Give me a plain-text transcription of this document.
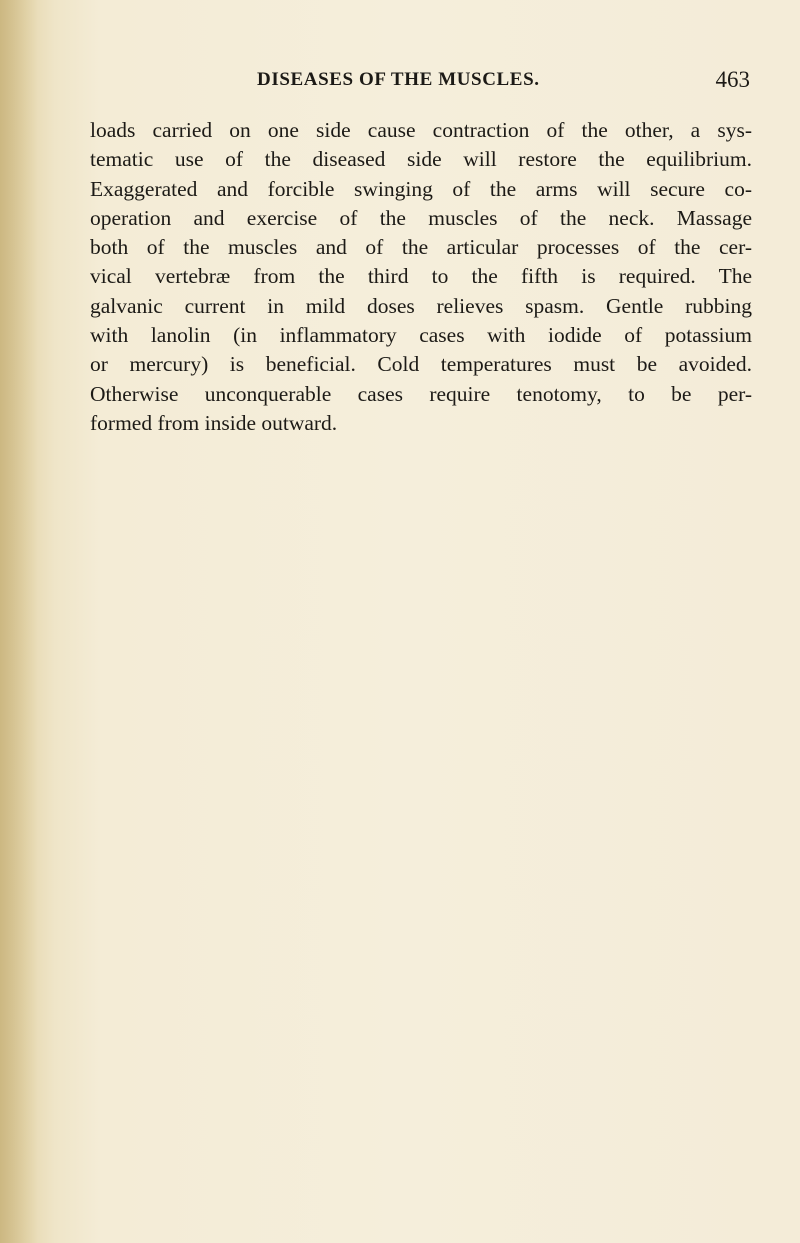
DISEASES OF THE MUSCLES.	463
loads carried on one side cause contraction of the other, a sys-
tematic use of the diseased side will restore the equilibrium.
Exaggerated and forcible swinging of the arms will secure co-
operation and exercise of the muscles of the neck. Massage
both of the muscles and of the articular processes of the cer-
vical vertebræ from the third to the fifth is required. The
galvanic current in mild doses relieves spasm. Gentle rubbing
with lanolin (in inflammatory cases with iodide of potassium
or mercury) is beneficial. Cold temperatures must be avoided.
Otherwise unconquerable cases require tenotomy, to be per-
formed from inside outward.
